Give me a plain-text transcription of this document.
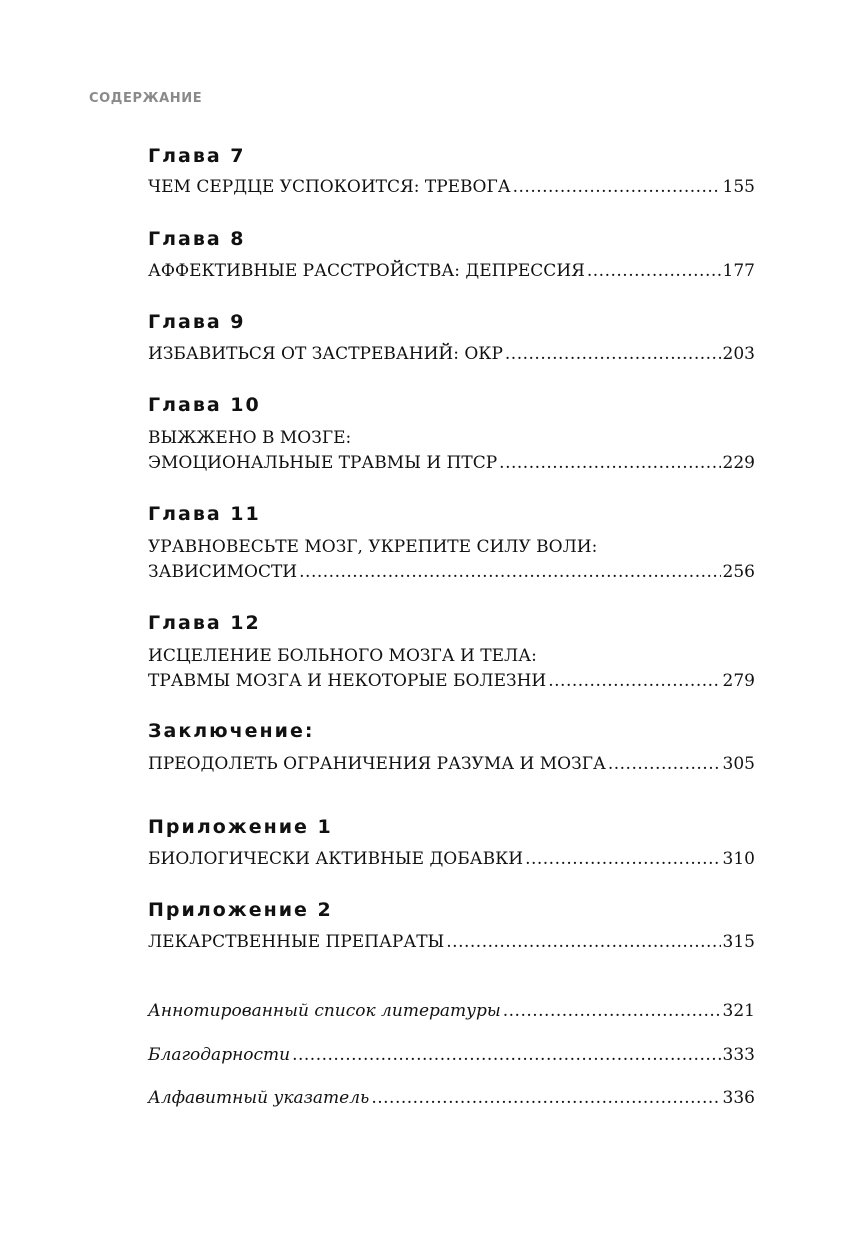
СОДЕРЖАНИЕ
Глава 7
ЧЕМ СЕРДЦЕ УСПОКОИТСЯ: ТРЕВОГА .....	155
Глава 8
АФФЕКТИВНЫЕ РАССТРОЙСТВА: ДЕПРЕССИЯ .....	177
Глава 9
ИЗБАВИТЬСЯ ОТ ЗАСТРЕВАНИЙ: ОКР .....	203
Глава 10
ВЫЖЖЕНО В МОЗГЕ:
ЭМОЦИОНАЛЬНЫЕ ТРАВМЫ И ПТСР .....	229
Глава 11
УРАВНОВЕСЬТЕ МОЗГ, УКРЕПИТЕ СИЛУ ВОЛИ:
ЗАВИСИМОСТИ .....	256
Глава 12
ИСЦЕЛЕНИЕ БОЛЬНОГО МОЗГА И ТЕЛА:
ТРАВМЫ МОЗГА И НЕКОТОРЫЕ БОЛЕЗНИ .....	279
Заключение:
ПРЕОДОЛЕТЬ ОГРАНИЧЕНИЯ РАЗУМА И МОЗГА .....	305
Приложение 1
БИОЛОГИЧЕСКИ АКТИВНЫЕ ДОБАВКИ .....	310
Приложение 2
ЛЕКАРСТВЕННЫЕ ПРЕПАРАТЫ .....	315
Аннотированный список литературы .....	321
Благодарности .....	333
Алфавитный указатель .....	336
